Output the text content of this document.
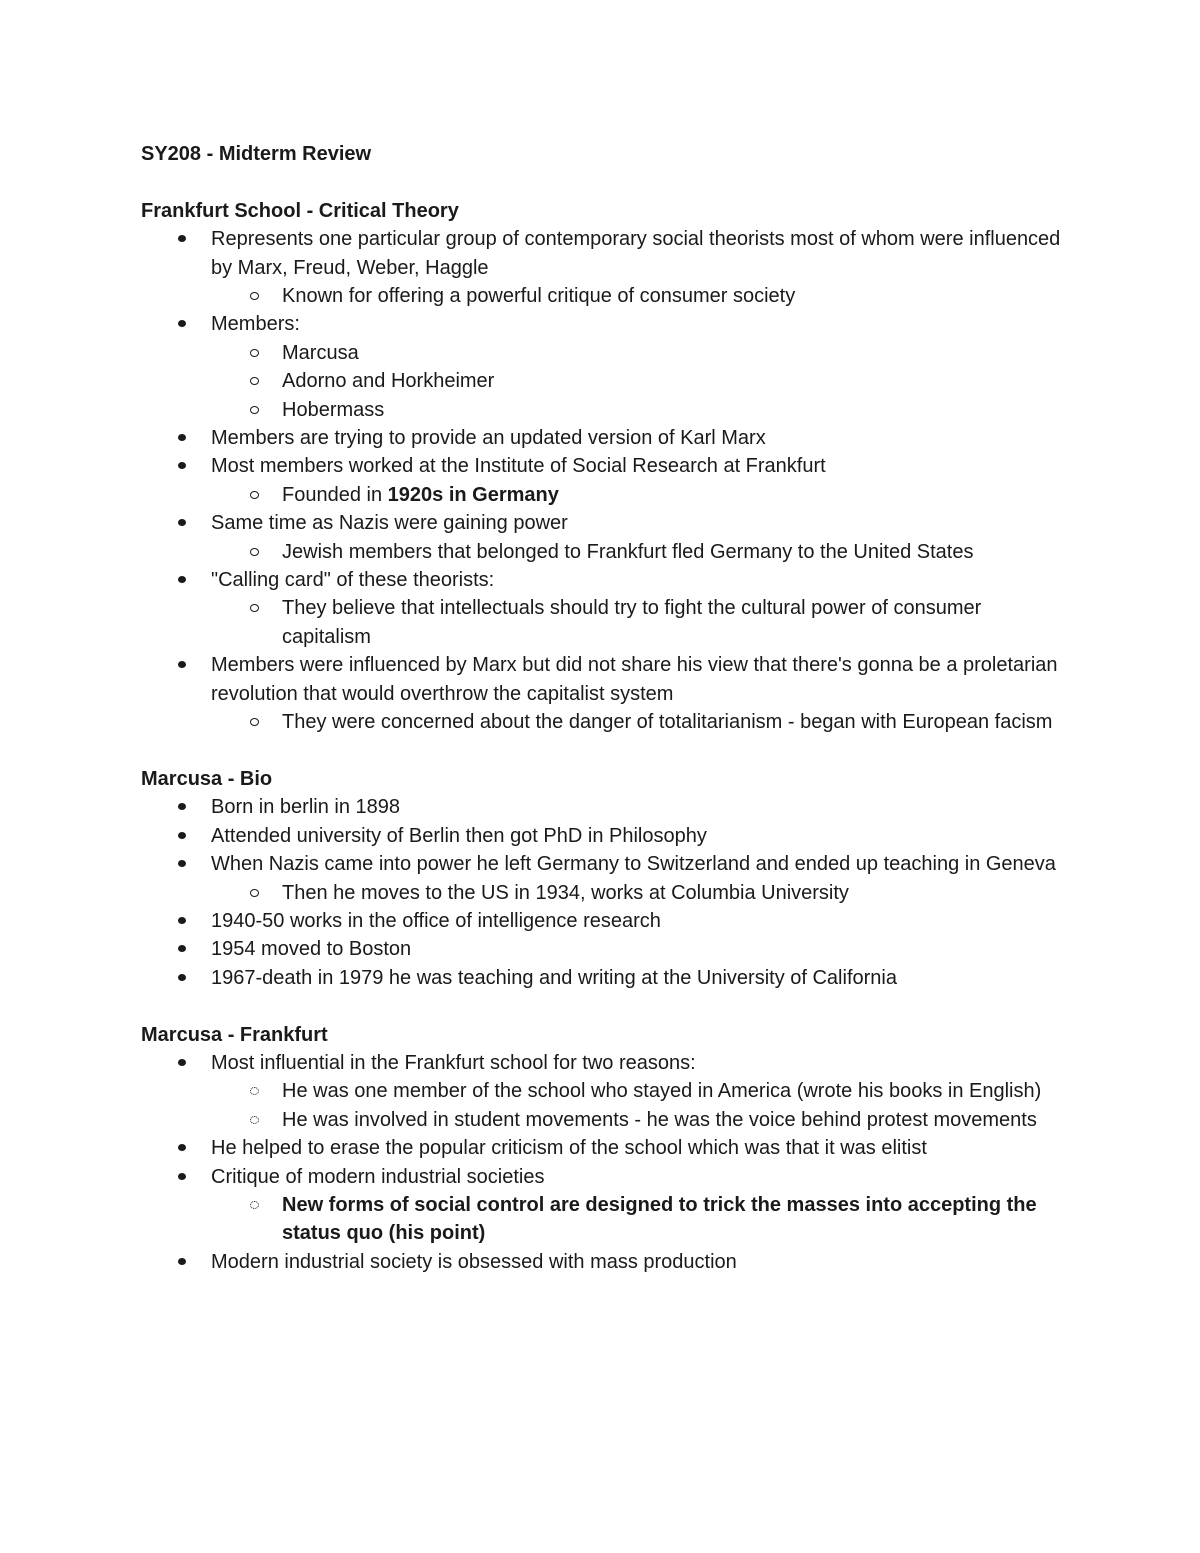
SY208 - Midterm Review
Frankfurt School - Critical Theory
Represents one particular group of contemporary social theorists most of whom were influenced by Marx, Freud, Weber, Haggle
Known for offering a powerful critique of consumer society
Members:
Marcusa
Adorno and Horkheimer
Hobermass
Members are trying to provide an updated version of Karl Marx
Most members worked at the Institute of Social Research at Frankfurt
Founded in 1920s in Germany
Same time as Nazis were gaining power
Jewish members that belonged to Frankfurt fled Germany to the United States
"Calling card" of these theorists:
They believe that intellectuals should try to fight the cultural power of consumer capitalism
Members were influenced by Marx but did not share his view that there's gonna be a proletarian revolution that would overthrow the capitalist system
They were concerned about the danger of totalitarianism - began with European facism
Marcusa - Bio
Born in berlin in 1898
Attended university of Berlin then got PhD in Philosophy
When Nazis came into power he left Germany to Switzerland and ended up teaching in Geneva
Then he moves to the US in 1934, works at Columbia University
1940-50 works in the office of intelligence research
1954 moved to Boston
1967-death in 1979 he was teaching and writing at the University of California
Marcusa - Frankfurt
Most influential in the Frankfurt school for two reasons:
He was one member of the school who stayed in America (wrote his books in English)
He was involved in student movements - he was the voice behind protest movements
He helped to erase the popular criticism of the school which was that it was elitist
Critique of modern industrial societies
New forms of social control are designed to trick the masses into accepting the status quo (his point)
Modern industrial society is obsessed with mass production
